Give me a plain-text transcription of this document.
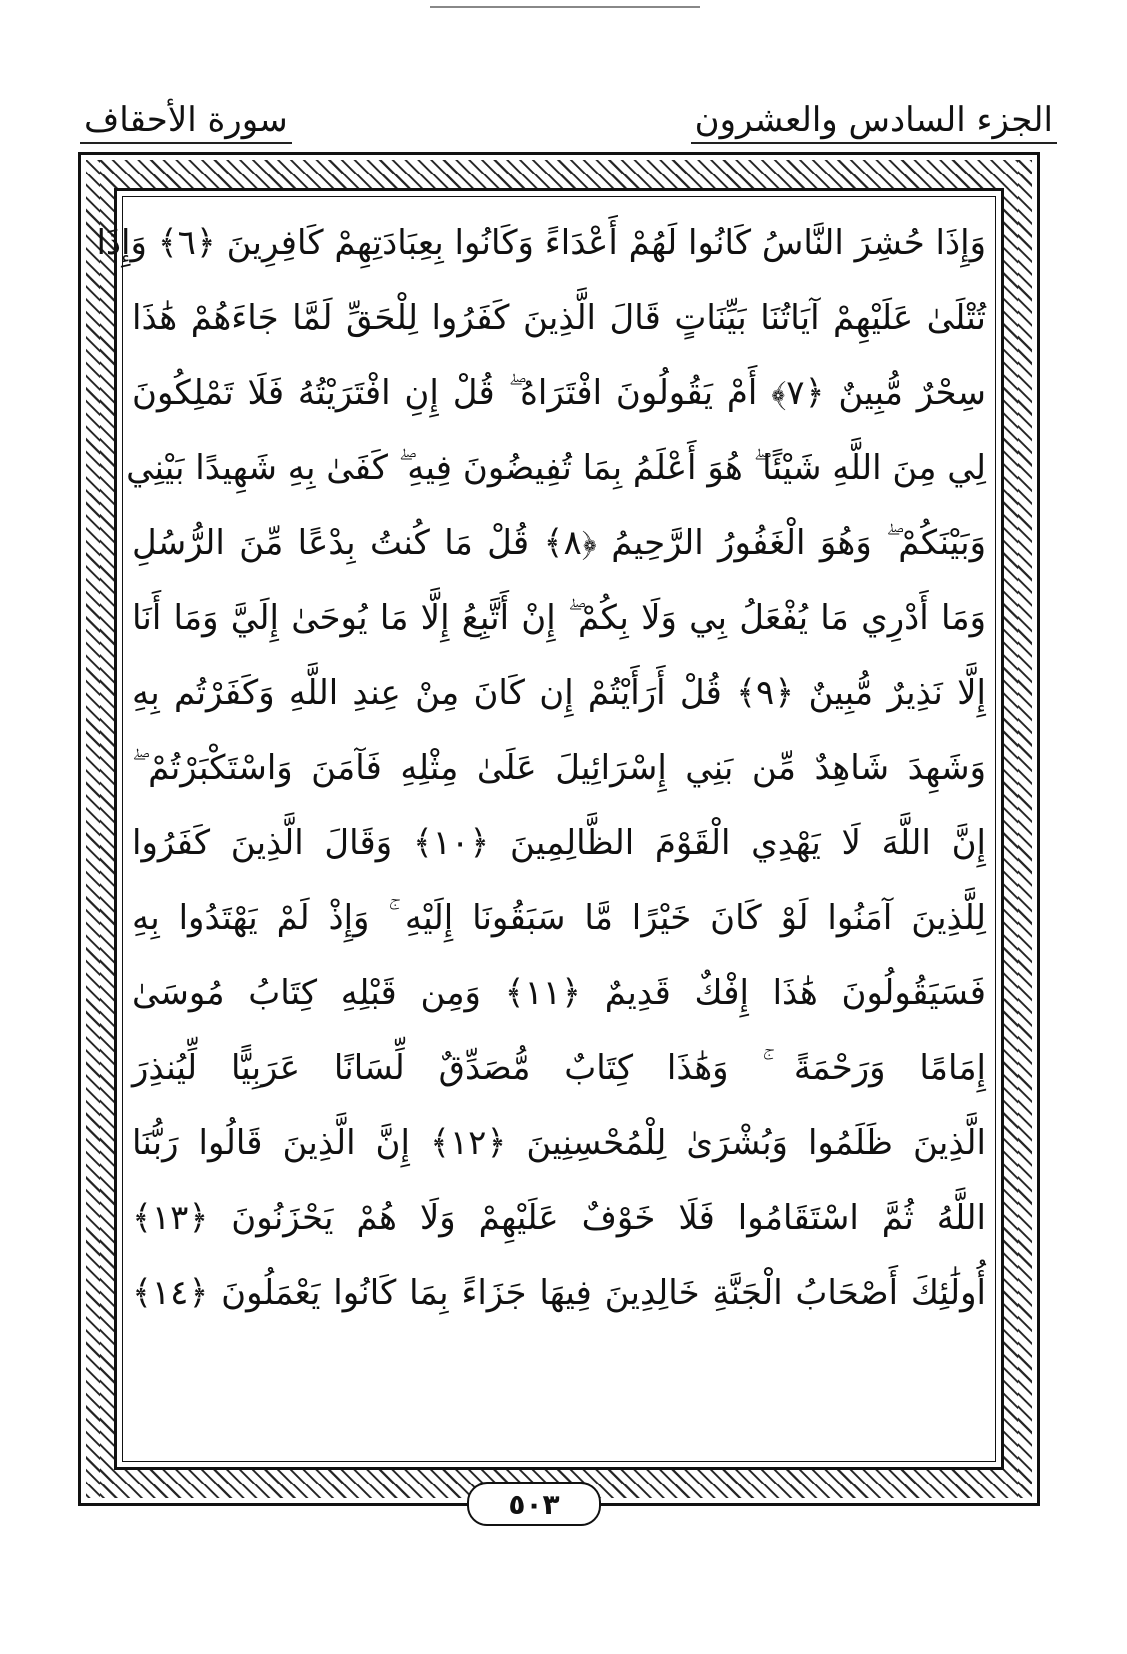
الجزء السادس والعشرون
سورة الأحقاف
وَإِذَا حُشِرَ النَّاسُ كَانُوا لَهُمْ أَعْدَاءً وَكَانُوا بِعِبَادَتِهِمْ كَافِرِينَ ﴿٦﴾ وَإِذَا
تُتْلَىٰ عَلَيْهِمْ آيَاتُنَا بَيِّنَاتٍ قَالَ الَّذِينَ كَفَرُوا لِلْحَقِّ لَمَّا جَاءَهُمْ هَٰذَا
سِحْرٌ مُّبِينٌ ﴿٧﴾ أَمْ يَقُولُونَ افْتَرَاهُ ۖ قُلْ إِنِ افْتَرَيْتُهُ فَلَا تَمْلِكُونَ
لِي مِنَ اللَّهِ شَيْئًا ۖ هُوَ أَعْلَمُ بِمَا تُفِيضُونَ فِيهِ ۖ كَفَىٰ بِهِ شَهِيدًا بَيْنِي
وَبَيْنَكُمْ ۖ وَهُوَ الْغَفُورُ الرَّحِيمُ ﴿٨﴾ قُلْ مَا كُنتُ بِدْعًا مِّنَ الرُّسُلِ
وَمَا أَدْرِي مَا يُفْعَلُ بِي وَلَا بِكُمْ ۖ إِنْ أَتَّبِعُ إِلَّا مَا يُوحَىٰ إِلَيَّ وَمَا أَنَا
إِلَّا نَذِيرٌ مُّبِينٌ ﴿٩﴾ قُلْ أَرَأَيْتُمْ إِن كَانَ مِنْ عِندِ اللَّهِ وَكَفَرْتُم بِهِ
وَشَهِدَ شَاهِدٌ مِّن بَنِي إِسْرَائِيلَ عَلَىٰ مِثْلِهِ فَآمَنَ وَاسْتَكْبَرْتُمْ ۖ
إِنَّ اللَّهَ لَا يَهْدِي الْقَوْمَ الظَّالِمِينَ ﴿١٠﴾ وَقَالَ الَّذِينَ كَفَرُوا
لِلَّذِينَ آمَنُوا لَوْ كَانَ خَيْرًا مَّا سَبَقُونَا إِلَيْهِ ۚ وَإِذْ لَمْ يَهْتَدُوا بِهِ
فَسَيَقُولُونَ هَٰذَا إِفْكٌ قَدِيمٌ ﴿١١﴾ وَمِن قَبْلِهِ كِتَابُ مُوسَىٰ
إِمَامًا وَرَحْمَةً ۚ وَهَٰذَا كِتَابٌ مُّصَدِّقٌ لِّسَانًا عَرَبِيًّا لِّيُنذِرَ
الَّذِينَ ظَلَمُوا وَبُشْرَىٰ لِلْمُحْسِنِينَ ﴿١٢﴾ إِنَّ الَّذِينَ قَالُوا رَبُّنَا
اللَّهُ ثُمَّ اسْتَقَامُوا فَلَا خَوْفٌ عَلَيْهِمْ وَلَا هُمْ يَحْزَنُونَ ﴿١٣﴾
أُولَٰئِكَ أَصْحَابُ الْجَنَّةِ خَالِدِينَ فِيهَا جَزَاءً بِمَا كَانُوا يَعْمَلُونَ ﴿١٤﴾
٥٠٣
